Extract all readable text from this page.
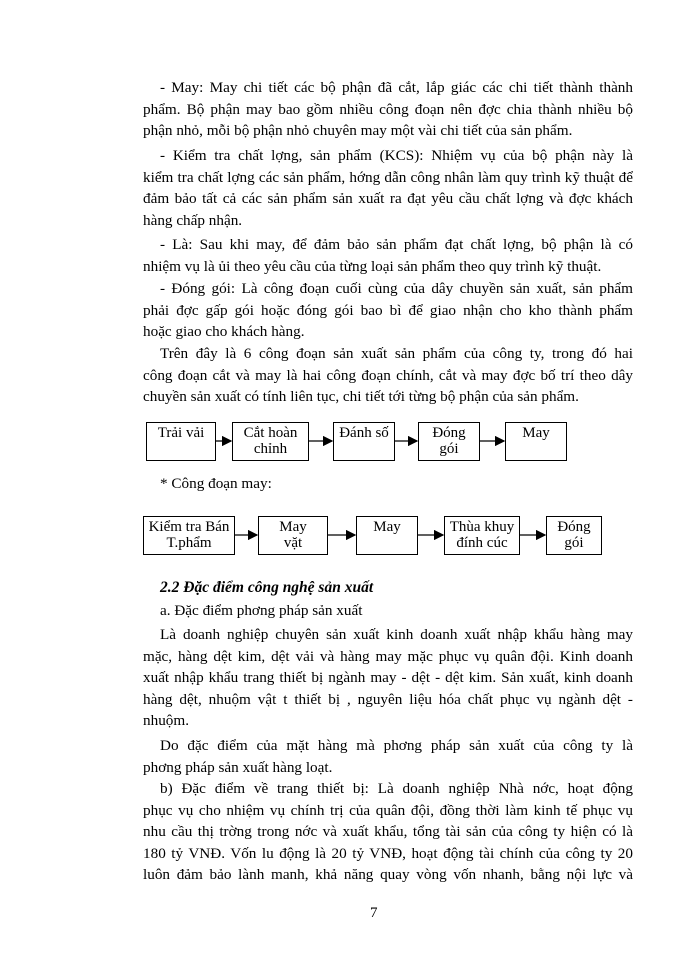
- May: May chi tiết các bộ phận đã cắt, lắp giác các chi tiết thành thành
phẩm. Bộ phận may bao gồm nhiều công đoạn nên đợc chia thành nhiều bộ
phận nhỏ, mỗi bộ phận nhỏ chuyên may một vài chi tiết của sản phẩm.
- Kiểm tra chất lợng, sản phẩm (KCS): Nhiệm vụ của bộ phận này là
kiểm tra chất lợng các sản phẩm, hớng dẫn công nhân làm quy trình kỹ thuật để
đảm bảo tất cả các sản phẩm sản xuất ra đạt yêu cầu chất lợng và đợc khách
hàng chấp nhận.
- Là: Sau khi may, để đảm bảo sản phẩm đạt chất lợng, bộ phận là có
nhiệm vụ là ủi theo yêu cầu của từng loại sản phẩm theo quy trình kỹ thuật.
- Đóng gói: Là công đoạn cuối cùng của dây chuyền sản xuất, sản phẩm
phải đợc gấp gói hoặc đóng gói bao bì để giao nhận cho kho thành phẩm
hoặc giao cho khách hàng.
Trên đây là 6 công đoạn sản xuất sản phẩm của công ty, trong đó hai
công đoạn cắt và may là hai công đoạn chính, cắt và may đợc bố trí theo dây
chuyền sản xuất có tính liên tục, chi tiết tới từng bộ phận của sản phẩm.
Trải vải	Cắt hoàn
chỉnh
Đánh số	Đóng
gói
May
* Công đoạn may:
Kiểm tra Bán
T.phẩm
May
vặt
May	Thùa khuy
đính cúc
Đóng
gói
2.2 Đặc điểm công nghệ sản xuất
a. Đặc điểm phơng pháp sản xuất
Là doanh nghiệp chuyên sản xuất kinh doanh xuất nhập khẩu hàng may
mặc, hàng dệt kim, dệt vải và hàng may mặc phục vụ quân đội. Kinh doanh
xuất nhập khẩu trang thiết bị ngành may - dệt - dệt kim. Sản xuất, kinh doanh
hàng dệt, nhuộm vật t thiết bị , nguyên liệu hóa chất phục vụ ngành dệt -
nhuộm.
Do đặc điểm của mặt hàng mà phơng pháp sản xuất của công ty là
phơng pháp sản xuất hàng loạt.
b) Đặc điểm về trang thiết bị: Là doanh nghiệp Nhà nớc, hoạt động
phục vụ cho nhiệm vụ chính trị của quân đội, đồng thời làm kinh tế phục vụ
nhu cầu thị trờng trong nớc và xuất khẩu, tổng tài sản của công ty hiện có là
180 tỷ VNĐ. Vốn lu động là 20 tỷ VNĐ, hoạt động tài chính của công ty 20
luôn đảm bảo lành manh, khả năng quay vòng vốn nhanh, bằng nội lực và
7
